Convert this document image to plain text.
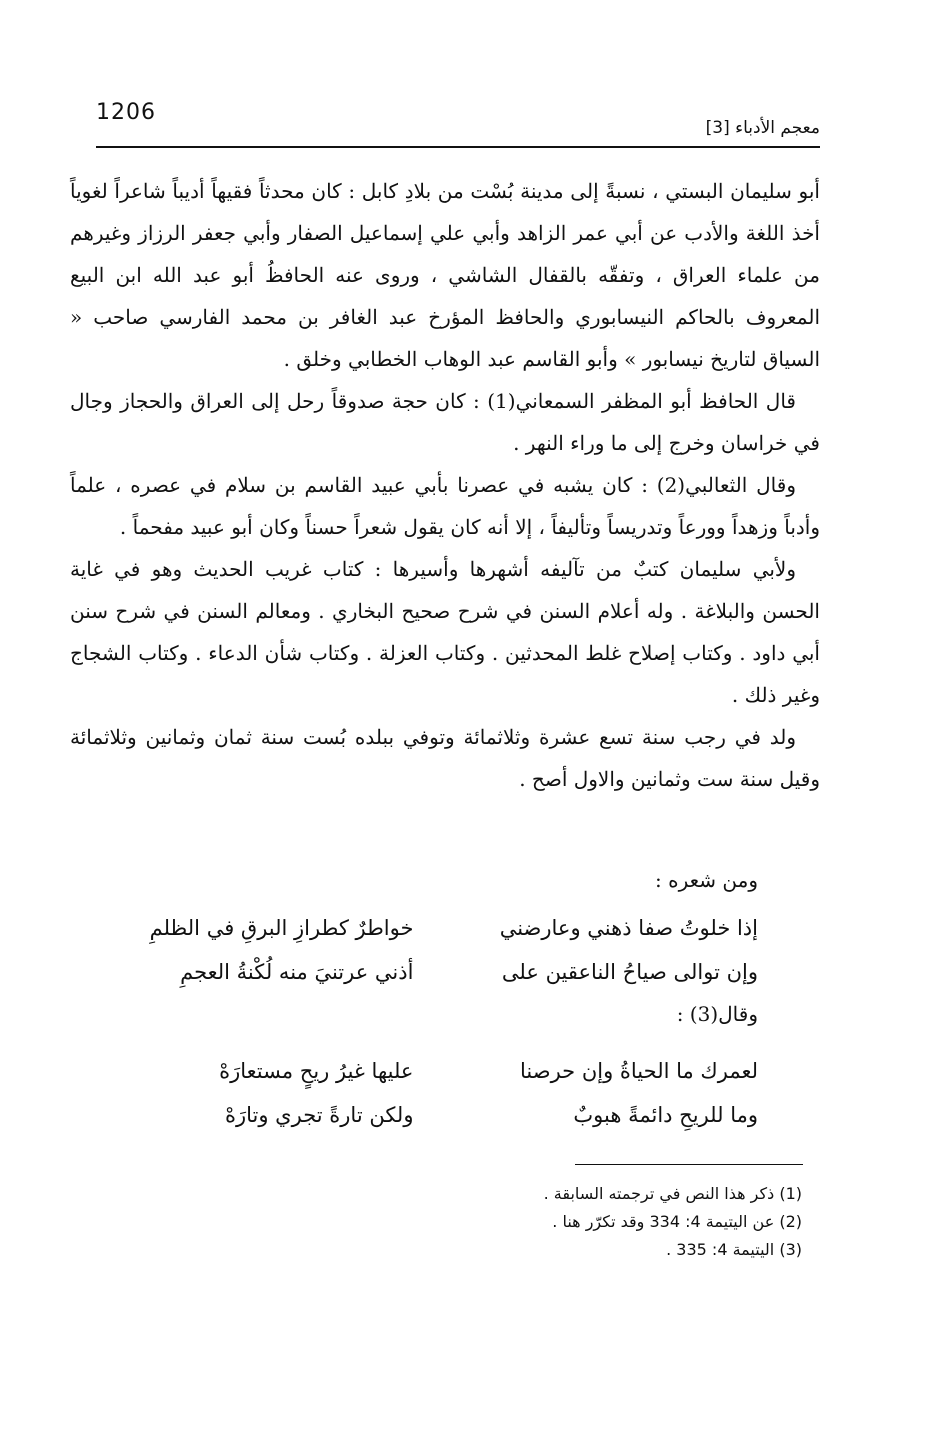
1206
معجم الأدباء [3]

أبو سليمان البستي ، نسبةً إلى مدينة بُسْت من بلادِ كابل : كان محدثاً فقيهاً أديباً شاعراً لغوياً أخذ اللغة والأدب عن أبي عمر الزاهد وأبي علي إسماعيل الصفار وأبي جعفر الرزاز وغيرهم من علماء العراق ، وتفقّه بالقفال الشاشي ، وروى عنه الحافظُ أبو عبد الله ابن البيع المعروف بالحاكم النيسابوري والحافظ المؤرخ عبد الغافر بن محمد الفارسي صاحب « السياق لتاريخ نيسابور » وأبو القاسم عبد الوهاب الخطابي وخلق .

قال الحافظ أبو المظفر السمعاني(1) : كان حجة صدوقاً رحل إلى العراق والحجاز وجال في خراسان وخرج إلى ما وراء النهر .

وقال الثعالبي(2) : كان يشبه في عصرنا بأبي عبيد القاسم بن سلام في عصره ، علماً وأدباً وزهداً وورعاً وتدريساً وتأليفاً ، إلا أنه كان يقول شعراً حسناً وكان أبو عبيد مفحماً .

ولأبي سليمان كتبٌ من تآليفه أشهرها وأسيرها : كتاب غريب الحديث وهو في غاية الحسن والبلاغة . وله أعلام السنن في شرح صحيح البخاري . ومعالم السنن في شرح سنن أبي داود . وكتاب إصلاح غلط المحدثين . وكتاب العزلة . وكتاب شأن الدعاء . وكتاب الشجاج وغير ذلك .

ولد في رجب سنة تسع عشرة وثلاثمائة وتوفي ببلده بُست سنة ثمان وثمانين وثلاثمائة وقيل سنة ست وثمانين والاول أصح .

ومن شعره :
إذا خلوتُ صفا ذهني وعارضني
خواطرٌ كطرازِ البرقِ في الظلمِ
وإن توالى صياحُ الناعقين على
أذني عرتنيَ منه لُكْنةُ العجمِ
وقال(3) :
لعمرك ما الحياةُ وإن حرصنا
عليها غيرُ ريحٍ مستعارَهْ
وما للريحِ دائمةً هبوبٌ
ولكن تارةً تجري وتارَهْ
(1) ذكر هذا النص في ترجمته السابقة .
(2) عن اليتيمة 4: 334 وقد تكرّر هنا .
(3) اليتيمة 4: 335 .
